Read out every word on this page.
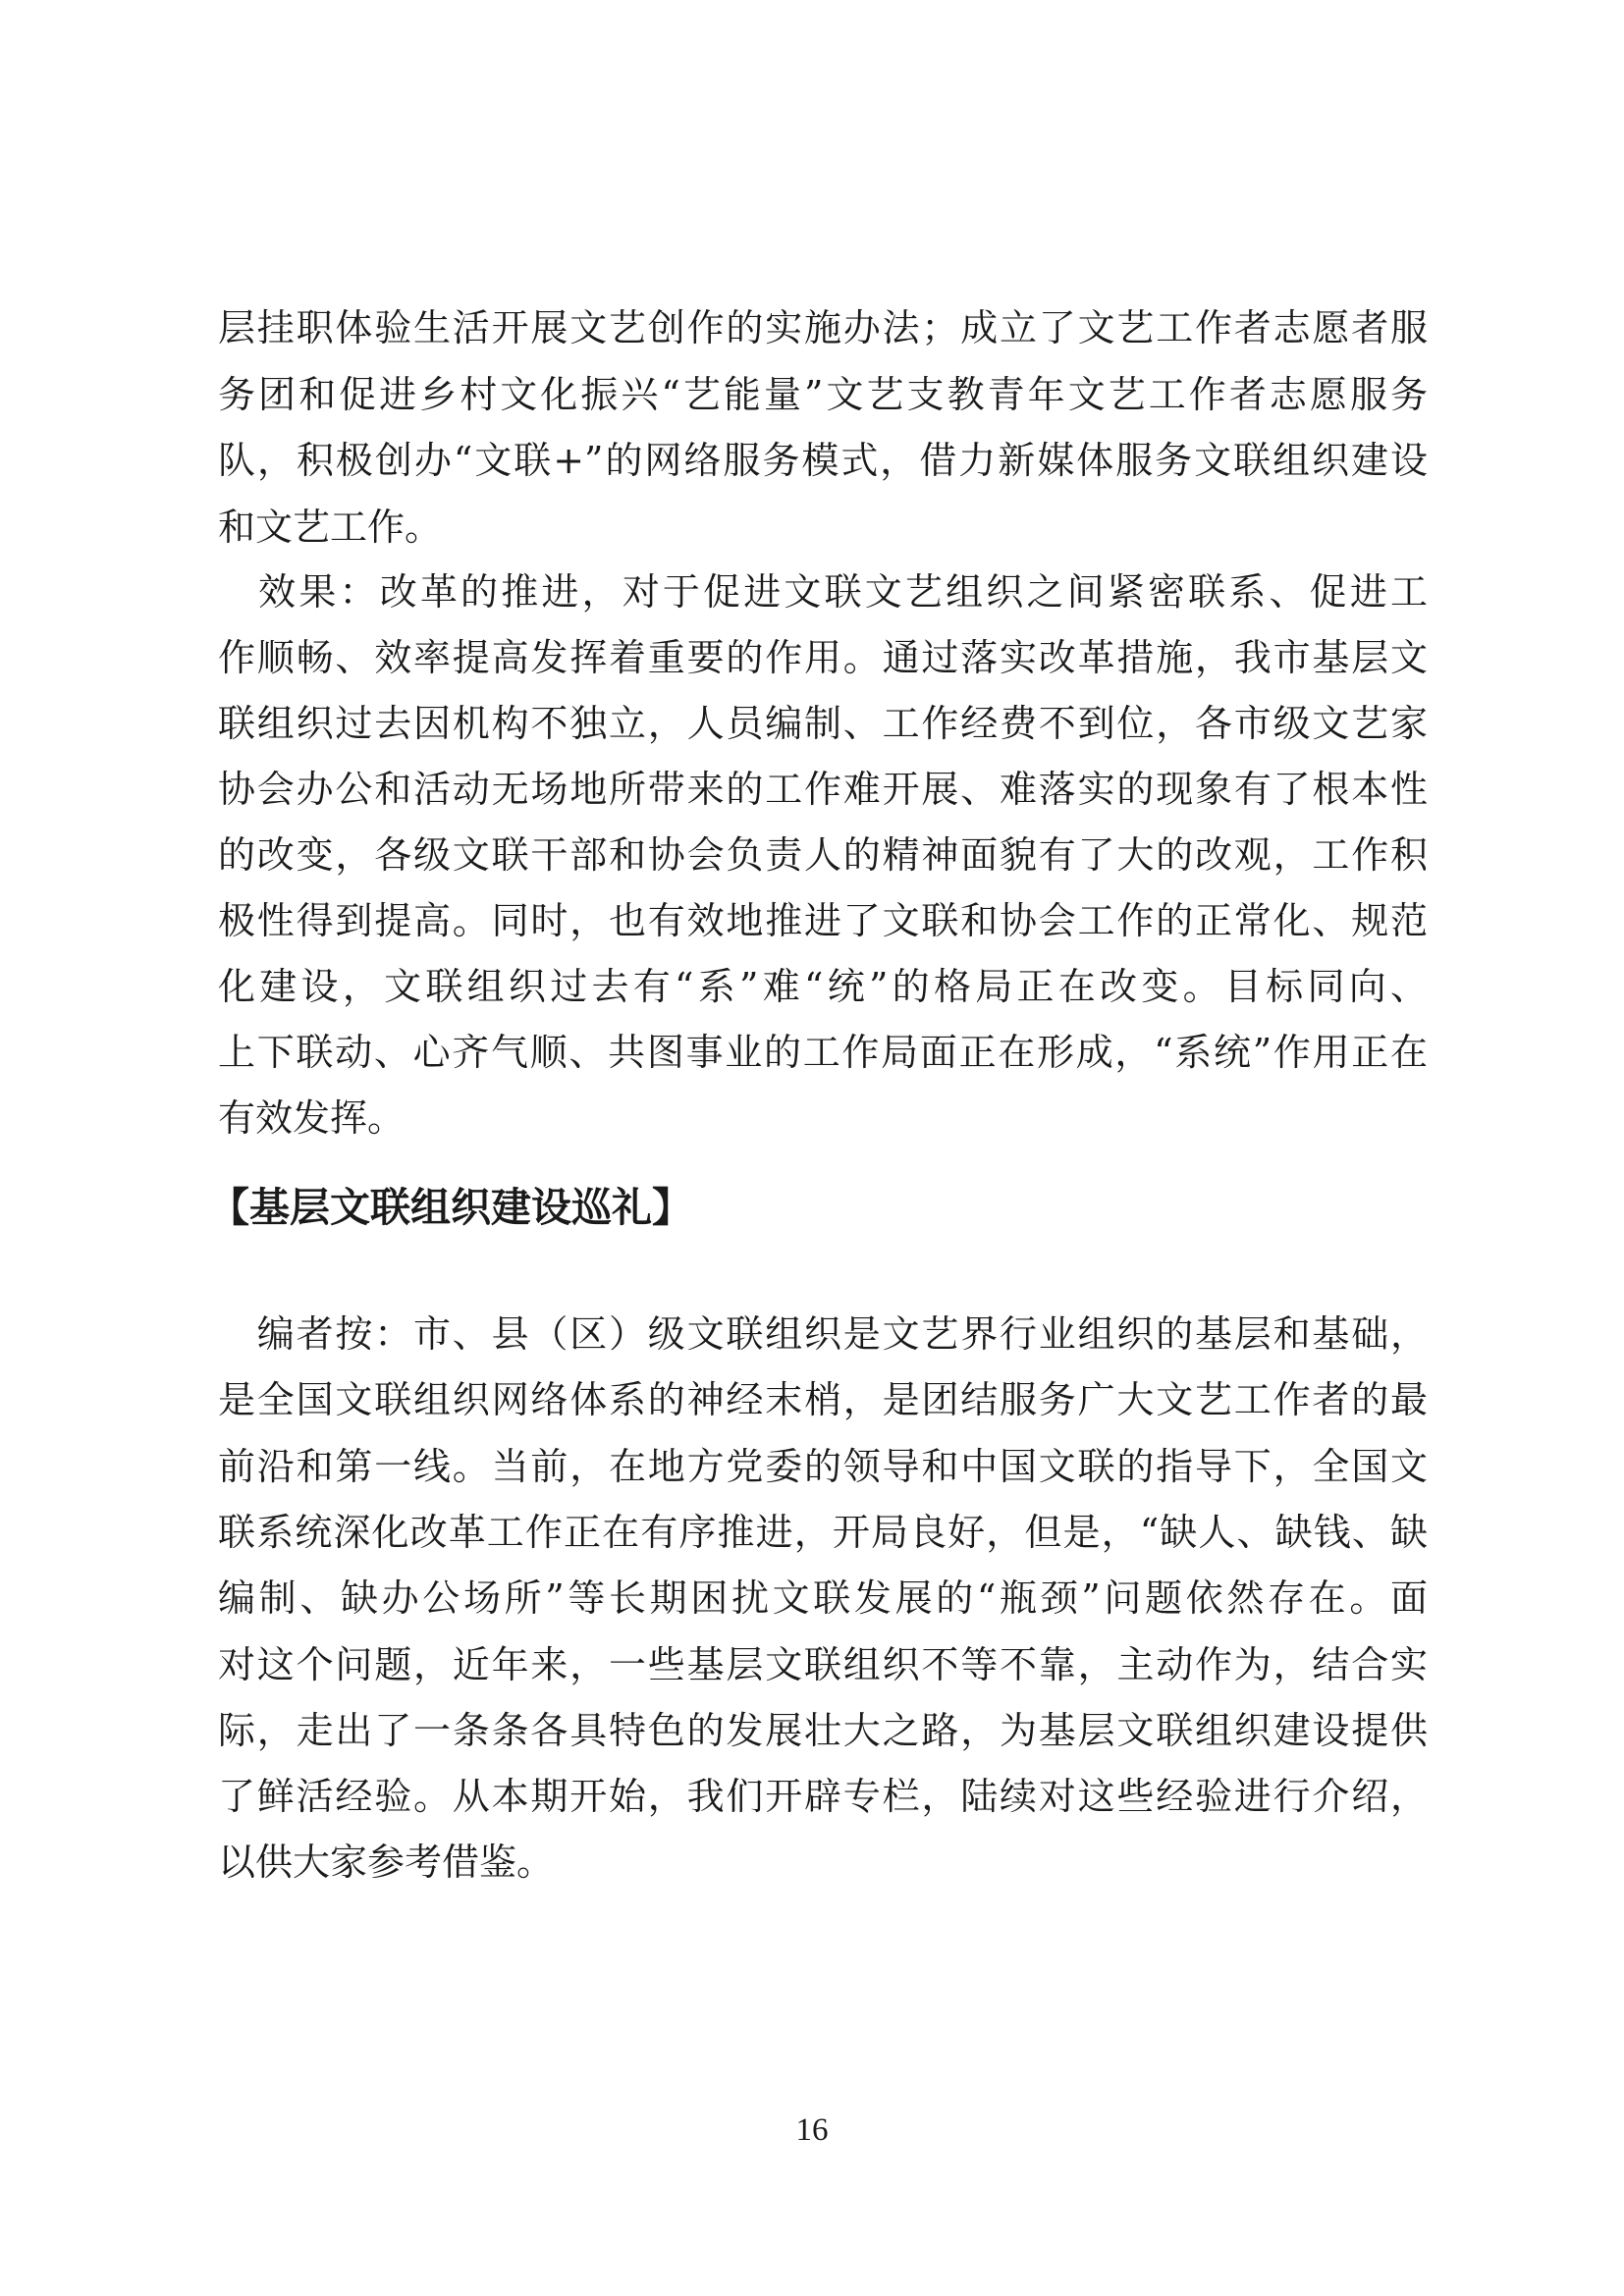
层挂职体验生活开展文艺创作的实施办法；成立了文艺工作者志愿者服
务团和促进乡村文化振兴“艺能量”文艺支教青年文艺工作者志愿服务
队，积极创办“文联+”的网络服务模式，借力新媒体服务文联组织建设
和文艺工作。
　效果：改革的推进，对于促进文联文艺组织之间紧密联系、促进工
作顺畅、效率提高发挥着重要的作用。通过落实改革措施，我市基层文
联组织过去因机构不独立，人员编制、工作经费不到位，各市级文艺家
协会办公和活动无场地所带来的工作难开展、难落实的现象有了根本性
的改变，各级文联干部和协会负责人的精神面貌有了大的改观，工作积
极性得到提高。同时，也有效地推进了文联和协会工作的正常化、规范
化建设，文联组织过去有“系”难“统”的格局正在改变。目标同向、
上下联动、心齐气顺、共图事业的工作局面正在形成，“系统”作用正在
有效发挥。
【基层文联组织建设巡礼】
　编者按：市、县（区）级文联组织是文艺界行业组织的基层和基础，
是全国文联组织网络体系的神经末梢，是团结服务广大文艺工作者的最
前沿和第一线。当前，在地方党委的领导和中国文联的指导下，全国文
联系统深化改革工作正在有序推进，开局良好，但是，“缺人、缺钱、缺
编制、缺办公场所”等长期困扰文联发展的“瓶颈”问题依然存在。面
对这个问题，近年来，一些基层文联组织不等不靠，主动作为，结合实
际，走出了一条条各具特色的发展壮大之路，为基层文联组织建设提供
了鲜活经验。从本期开始，我们开辟专栏，陆续对这些经验进行介绍，
以供大家参考借鉴。
16
